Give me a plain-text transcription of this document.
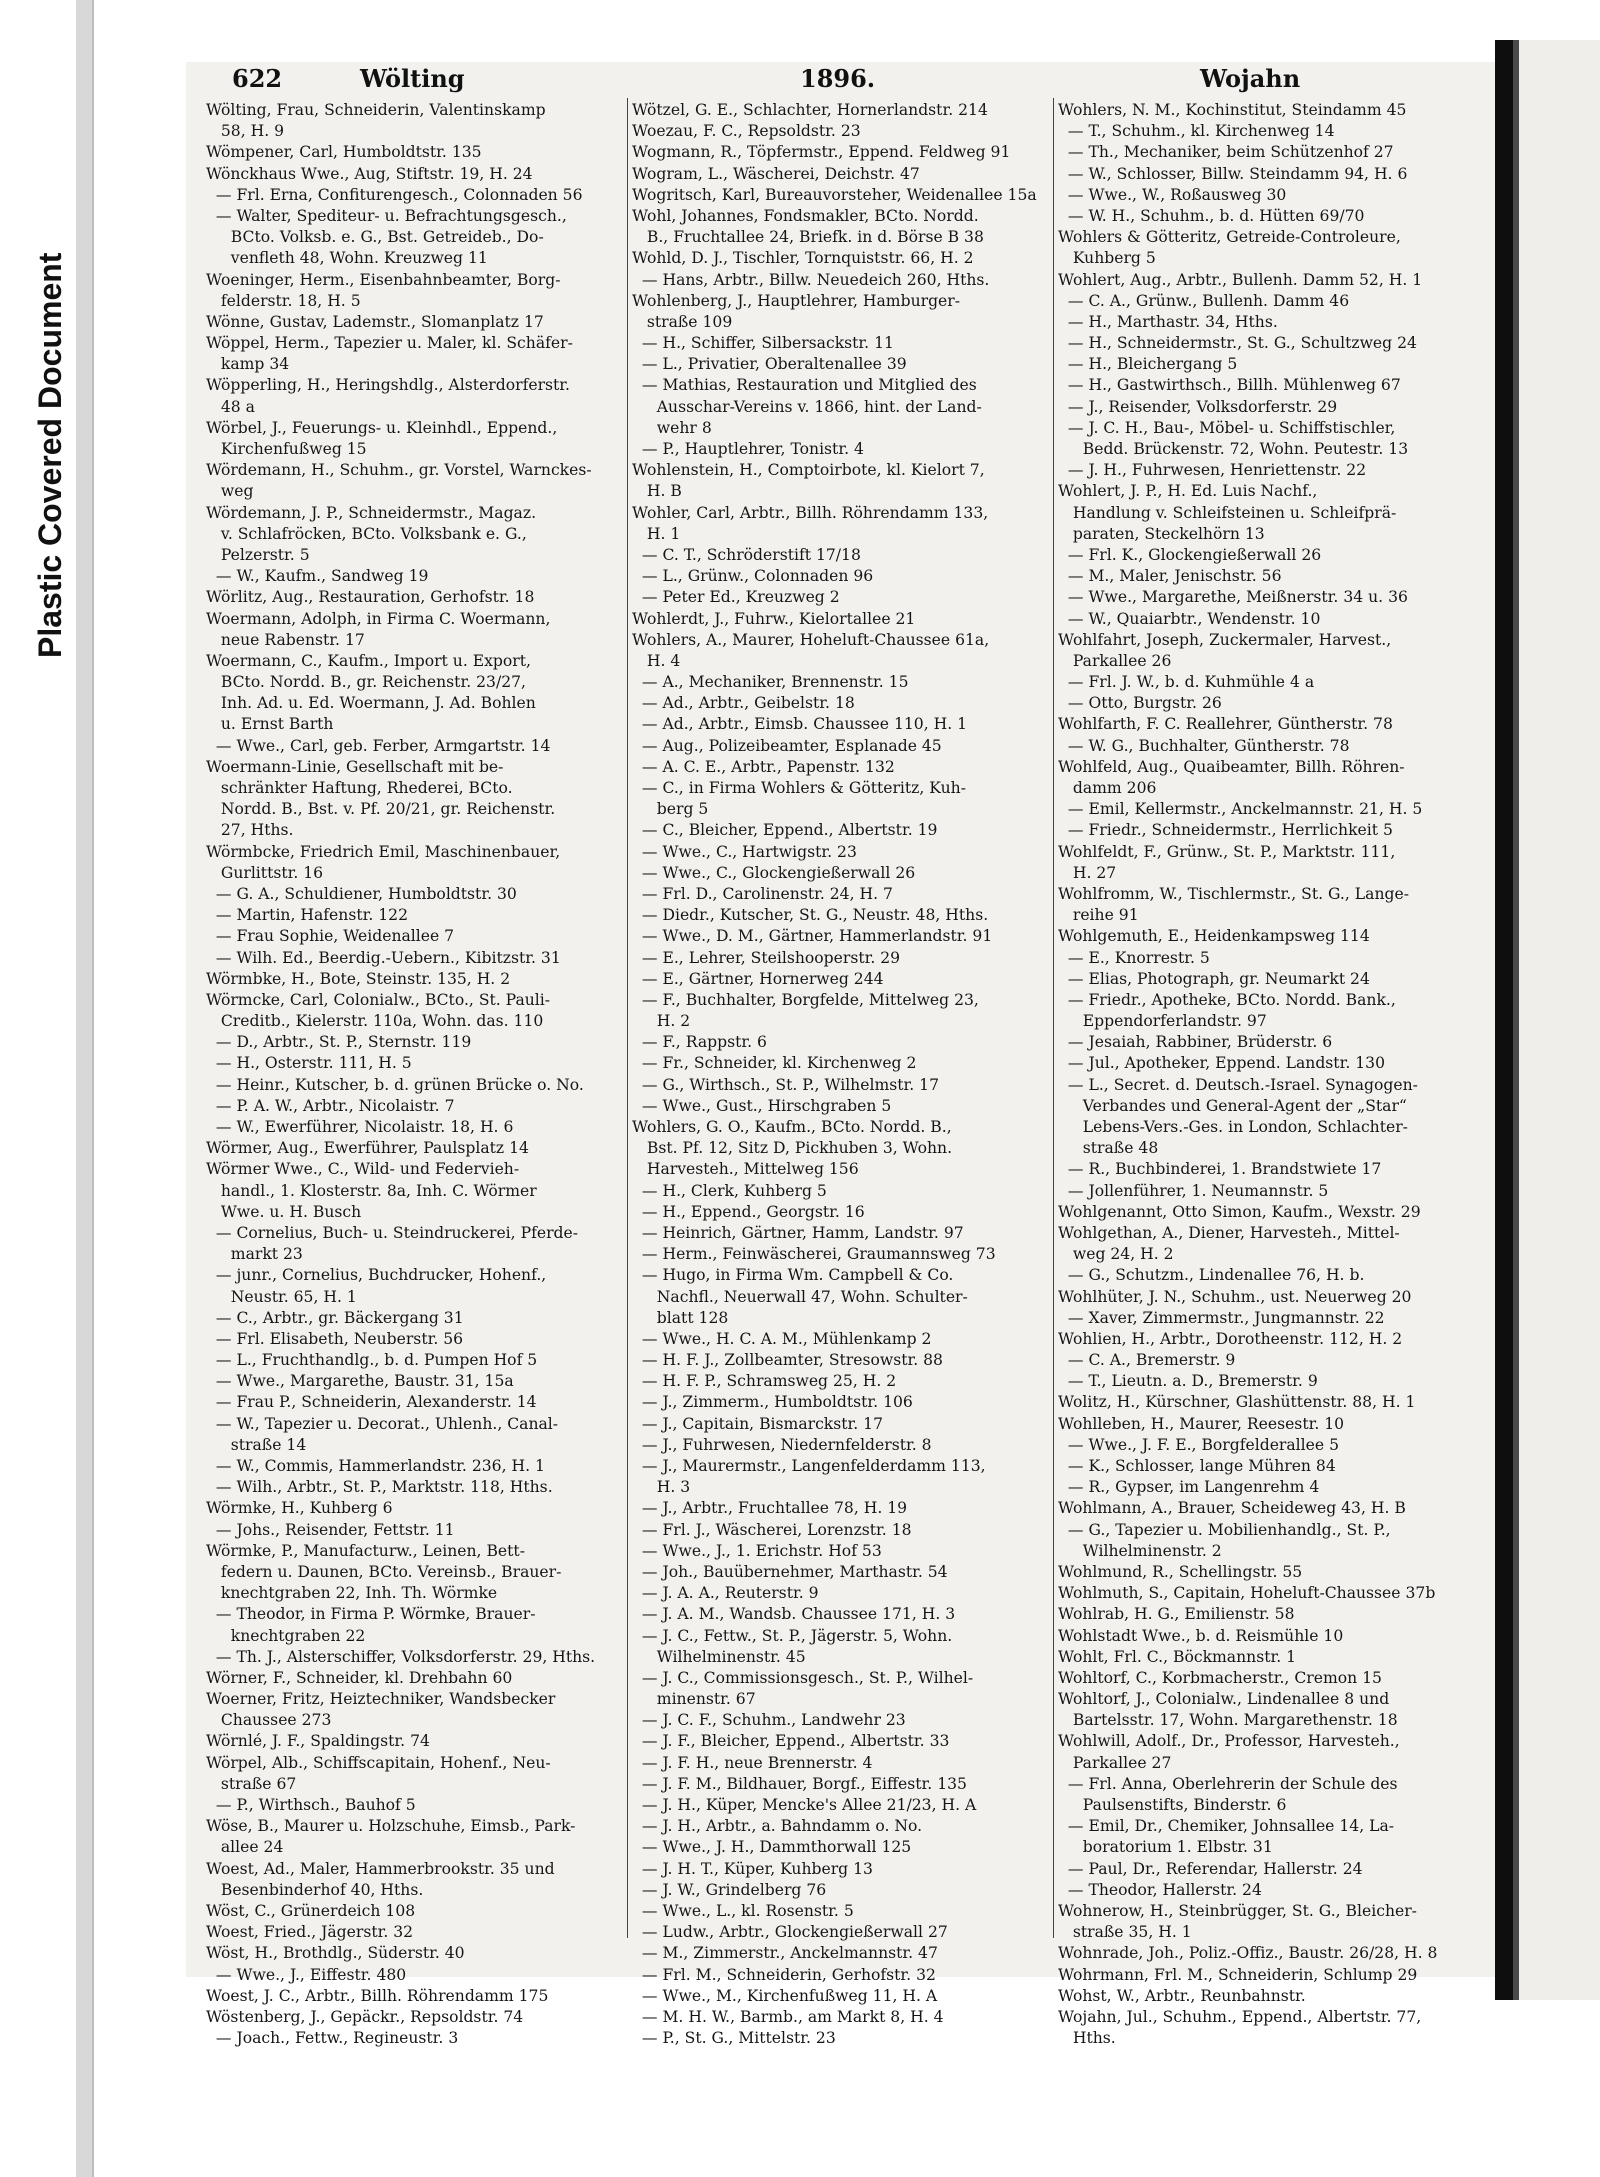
Plastic Covered Document
622	Wölting	1896.	Wojahn
Wölting, Frau, Schneiderin, Valentinskamp
58, H. 9
Wömpener, Carl, Humboldtstr. 135
Wönckhaus Wwe., Aug, Stiftstr. 19, H. 24
— Frl. Erna, Confiturengesch., Colonnaden 56
— Walter, Spediteur- u. Befrachtungsgesch.,
BCto. Volksb. e. G., Bst. Getreideb., Do-
venfleth 48, Wohn. Kreuzweg 11
Woeninger, Herm., Eisenbahnbeamter, Borg-
felderstr. 18, H. 5
Wönne, Gustav, Lademstr., Slomanplatz 17
Wöppel, Herm., Tapezier u. Maler, kl. Schäfer-
kamp 34
Wöpperling, H., Heringshdlg., Alsterdorferstr.
48 a
Wörbel, J., Feuerungs- u. Kleinhdl., Eppend.,
Kirchenfußweg 15
Wördemann, H., Schuhm., gr. Vorstel, Warnckes-
weg
Wördemann, J. P., Schneidermstr., Magaz.
v. Schlafröcken, BCto. Volksbank e. G.,
Pelzerstr. 5
— W., Kaufm., Sandweg 19
Wörlitz, Aug., Restauration, Gerhofstr. 18
Woermann, Adolph, in Firma C. Woermann,
neue Rabenstr. 17
Woermann, C., Kaufm., Import u. Export,
BCto. Nordd. B., gr. Reichenstr. 23/27,
Inh. Ad. u. Ed. Woermann, J. Ad. Bohlen
u. Ernst Barth
— Wwe., Carl, geb. Ferber, Armgartstr. 14
Woermann-Linie, Gesellschaft mit be-
schränkter Haftung, Rhederei, BCto.
Nordd. B., Bst. v. Pf. 20/21, gr. Reichenstr.
27, Hths.
Wörmbcke, Friedrich Emil, Maschinenbauer,
Gurlittstr. 16
— G. A., Schuldiener, Humboldtstr. 30
— Martin, Hafenstr. 122
— Frau Sophie, Weidenallee 7
— Wilh. Ed., Beerdig.-Uebern., Kibitzstr. 31
Wörmbke, H., Bote, Steinstr. 135, H. 2
Wörmcke, Carl, Colonialw., BCto., St. Pauli-
Creditb., Kielerstr. 110a, Wohn. das. 110
— D., Arbtr., St. P., Sternstr. 119
— H., Osterstr. 111, H. 5
— Heinr., Kutscher, b. d. grünen Brücke o. No.
— P. A. W., Arbtr., Nicolaistr. 7
— W., Ewerführer, Nicolaistr. 18, H. 6
Wörmer, Aug., Ewerführer, Paulsplatz 14
Wörmer Wwe., C., Wild- und Federvieh-
handl., 1. Klosterstr. 8a, Inh. C. Wörmer
Wwe. u. H. Busch
— Cornelius, Buch- u. Steindruckerei, Pferde-
markt 23
— junr., Cornelius, Buchdrucker, Hohenf.,
Neustr. 65, H. 1
— C., Arbtr., gr. Bäckergang 31
— Frl. Elisabeth, Neuberstr. 56
— L., Fruchthandlg., b. d. Pumpen Hof 5
— Wwe., Margarethe, Baustr. 31, 15a
— Frau P., Schneiderin, Alexanderstr. 14
— W., Tapezier u. Decorat., Uhlenh., Canal-
straße 14
— W., Commis, Hammerlandstr. 236, H. 1
— Wilh., Arbtr., St. P., Marktstr. 118, Hths.
Wörmke, H., Kuhberg 6
— Johs., Reisender, Fettstr. 11
Wörmke, P., Manufacturw., Leinen, Bett-
federn u. Daunen, BCto. Vereinsb., Brauer-
knechtgraben 22, Inh. Th. Wörmke
— Theodor, in Firma P. Wörmke, Brauer-
knechtgraben 22
— Th. J., Alsterschiffer, Volksdorferstr. 29, Hths.
Wörner, F., Schneider, kl. Drehbahn 60
Woerner, Fritz, Heiztechniker, Wandsbecker
Chaussee 273
Wörnlé, J. F., Spaldingstr. 74
Wörpel, Alb., Schiffscapitain, Hohenf., Neu-
straße 67
— P., Wirthsch., Bauhof 5
Wöse, B., Maurer u. Holzschuhe, Eimsb., Park-
allee 24
Woest, Ad., Maler, Hammerbrookstr. 35 und
Besenbinderhof 40, Hths.
Wöst, C., Grünerdeich 108
Woest, Fried., Jägerstr. 32
Wöst, H., Brothdlg., Süderstr. 40
— Wwe., J., Eiffestr. 480
Woest, J. C., Arbtr., Billh. Röhrendamm 175
Wöstenberg, J., Gepäckr., Repsoldstr. 74
— Joach., Fettw., Regineustr. 3
Wötzel, G. E., Schlachter, Hornerlandstr. 214
Woezau, F. C., Repsoldstr. 23
Wogmann, R., Töpfermstr., Eppend. Feldweg 91
Wogram, L., Wäscherei, Deichstr. 47
Wogritsch, Karl, Bureauvorsteher, Weidenallee 15a
Wohl, Johannes, Fondsmakler, BCto. Nordd.
B., Fruchtallee 24, Briefk. in d. Börse B 38
Wohld, D. J., Tischler, Tornquiststr. 66, H. 2
— Hans, Arbtr., Billw. Neuedeich 260, Hths.
Wohlenberg, J., Hauptlehrer, Hamburger-
straße 109
— H., Schiffer, Silbersackstr. 11
— L., Privatier, Oberaltenallee 39
— Mathias, Restauration und Mitglied des
Ausschar-Vereins v. 1866, hint. der Land-
wehr 8
— P., Hauptlehrer, Tonistr. 4
Wohlenstein, H., Comptoirbote, kl. Kielort 7,
H. B
Wohler, Carl, Arbtr., Billh. Röhrendamm 133,
H. 1
— C. T., Schröderstift 17/18
— L., Grünw., Colonnaden 96
— Peter Ed., Kreuzweg 2
Wohlerdt, J., Fuhrw., Kielortallee 21
Wohlers, A., Maurer, Hoheluft-Chaussee 61a,
H. 4
— A., Mechaniker, Brennenstr. 15
— Ad., Arbtr., Geibelstr. 18
— Ad., Arbtr., Eimsb. Chaussee 110, H. 1
— Aug., Polizeibeamter, Esplanade 45
— A. C. E., Arbtr., Papenstr. 132
— C., in Firma Wohlers & Götteritz, Kuh-
berg 5
— C., Bleicher, Eppend., Albertstr. 19
— Wwe., C., Hartwigstr. 23
— Wwe., C., Glockengießerwall 26
— Frl. D., Carolinenstr. 24, H. 7
— Diedr., Kutscher, St. G., Neustr. 48, Hths.
— Wwe., D. M., Gärtner, Hammerlandstr. 91
— E., Lehrer, Steilshooperstr. 29
— E., Gärtner, Hornerweg 244
— F., Buchhalter, Borgfelde, Mittelweg 23,
H. 2
— F., Rappstr. 6
— Fr., Schneider, kl. Kirchenweg 2
— G., Wirthsch., St. P., Wilhelmstr. 17
— Wwe., Gust., Hirschgraben 5
Wohlers, G. O., Kaufm., BCto. Nordd. B.,
Bst. Pf. 12, Sitz D, Pickhuben 3, Wohn.
Harvesteh., Mittelweg 156
— H., Clerk, Kuhberg 5
— H., Eppend., Georgstr. 16
— Heinrich, Gärtner, Hamm, Landstr. 97
— Herm., Feinwäscherei, Graumannsweg 73
— Hugo, in Firma Wm. Campbell & Co.
Nachfl., Neuerwall 47, Wohn. Schulter-
blatt 128
— Wwe., H. C. A. M., Mühlenkamp 2
— H. F. J., Zollbeamter, Stresowstr. 88
— H. F. P., Schramsweg 25, H. 2
— J., Zimmerm., Humboldtstr. 106
— J., Capitain, Bismarckstr. 17
— J., Fuhrwesen, Niedernfelderstr. 8
— J., Maurermstr., Langenfelderdamm 113,
H. 3
— J., Arbtr., Fruchtallee 78, H. 19
— Frl. J., Wäscherei, Lorenzstr. 18
— Wwe., J., 1. Erichstr. Hof 53
— Joh., Bauübernehmer, Marthastr. 54
— J. A. A., Reuterstr. 9
— J. A. M., Wandsb. Chaussee 171, H. 3
— J. C., Fettw., St. P., Jägerstr. 5, Wohn.
Wilhelminenstr. 45
— J. C., Commissionsgesch., St. P., Wilhel-
minenstr. 67
— J. C. F., Schuhm., Landwehr 23
— J. F., Bleicher, Eppend., Albertstr. 33
— J. F. H., neue Brennerstr. 4
— J. F. M., Bildhauer, Borgf., Eiffestr. 135
— J. H., Küper, Mencke's Allee 21/23, H. A
— J. H., Arbtr., a. Bahndamm o. No.
— Wwe., J. H., Dammthorwall 125
— J. H. T., Küper, Kuhberg 13
— J. W., Grindelberg 76
— Wwe., L., kl. Rosenstr. 5
— Ludw., Arbtr., Glockengießerwall 27
— M., Zimmerstr., Anckelmannstr. 47
— Frl. M., Schneiderin, Gerhofstr. 32
— Wwe., M., Kirchenfußweg 11, H. A
— M. H. W., Barmb., am Markt 8, H. 4
— P., St. G., Mittelstr. 23
Wohlers, N. M., Kochinstitut, Steindamm 45
— T., Schuhm., kl. Kirchenweg 14
— Th., Mechaniker, beim Schützenhof 27
— W., Schlosser, Billw. Steindamm 94, H. 6
— Wwe., W., Roßausweg 30
— W. H., Schuhm., b. d. Hütten 69/70
Wohlers & Götteritz, Getreide-Controleure,
Kuhberg 5
Wohlert, Aug., Arbtr., Bullenh. Damm 52, H. 1
— C. A., Grünw., Bullenh. Damm 46
— H., Marthastr. 34, Hths.
— H., Schneidermstr., St. G., Schultzweg 24
— H., Bleichergang 5
— H., Gastwirthsch., Billh. Mühlenweg 67
— J., Reisender, Volksdorferstr. 29
— J. C. H., Bau-, Möbel- u. Schiffstischler,
Bedd. Brückenstr. 72, Wohn. Peutestr. 13
— J. H., Fuhrwesen, Henriettenstr. 22
Wohlert, J. P., H. Ed. Luis Nachf.,
Handlung v. Schleifsteinen u. Schleifprä-
paraten, Steckelhörn 13
— Frl. K., Glockengießerwall 26
— M., Maler, Jenischstr. 56
— Wwe., Margarethe, Meißnerstr. 34 u. 36
— W., Quaiarbtr., Wendenstr. 10
Wohlfahrt, Joseph, Zuckermaler, Harvest.,
Parkallee 26
— Frl. J. W., b. d. Kuhmühle 4 a
— Otto, Burgstr. 26
Wohlfarth, F. C. Reallehrer, Güntherstr. 78
— W. G., Buchhalter, Güntherstr. 78
Wohlfeld, Aug., Quaibeamter, Billh. Röhren-
damm 206
— Emil, Kellermstr., Anckelmannstr. 21, H. 5
— Friedr., Schneidermstr., Herrlichkeit 5
Wohlfeldt, F., Grünw., St. P., Marktstr. 111,
H. 27
Wohlfromm, W., Tischlermstr., St. G., Lange-
reihe 91
Wohlgemuth, E., Heidenkampsweg 114
— E., Knorrestr. 5
— Elias, Photograph, gr. Neumarkt 24
— Friedr., Apotheke, BCto. Nordd. Bank.,
Eppendorferlandstr. 97
— Jesaiah, Rabbiner, Brüderstr. 6
— Jul., Apotheker, Eppend. Landstr. 130
— L., Secret. d. Deutsch.-Israel. Synagogen-
Verbandes und General-Agent der „Star“
Lebens-Vers.-Ges. in London, Schlachter-
straße 48
— R., Buchbinderei, 1. Brandstwiete 17
— Jollenführer, 1. Neumannstr. 5
Wohlgenannt, Otto Simon, Kaufm., Wexstr. 29
Wohlgethan, A., Diener, Harvesteh., Mittel-
weg 24, H. 2
— G., Schutzm., Lindenallee 76, H. b.
Wohlhüter, J. N., Schuhm., ust. Neuerweg 20
— Xaver, Zimmermstr., Jungmannstr. 22
Wohlien, H., Arbtr., Dorotheenstr. 112, H. 2
— C. A., Bremerstr. 9
— T., Lieutn. a. D., Bremerstr. 9
Wolitz, H., Kürschner, Glashüttenstr. 88, H. 1
Wohlleben, H., Maurer, Reesestr. 10
— Wwe., J. F. E., Borgfelderallee 5
— K., Schlosser, lange Mühren 84
— R., Gypser, im Langenrehm 4
Wohlmann, A., Brauer, Scheideweg 43, H. B
— G., Tapezier u. Mobilienhandlg., St. P.,
Wilhelminenstr. 2
Wohlmund, R., Schellingstr. 55
Wohlmuth, S., Capitain, Hoheluft-Chaussee 37b
Wohlrab, H. G., Emilienstr. 58
Wohlstadt Wwe., b. d. Reismühle 10
Wohlt, Frl. C., Böckmannstr. 1
Wohltorf, C., Korbmacherstr., Cremon 15
Wohltorf, J., Colonialw., Lindenallee 8 und
Bartelsstr. 17, Wohn. Margarethenstr. 18
Wohlwill, Adolf., Dr., Professor, Harvesteh.,
Parkallee 27
— Frl. Anna, Oberlehrerin der Schule des
Paulsenstifts, Binderstr. 6
— Emil, Dr., Chemiker, Johnsallee 14, La-
boratorium 1. Elbstr. 31
— Paul, Dr., Referendar, Hallerstr. 24
— Theodor, Hallerstr. 24
Wohnerow, H., Steinbrügger, St. G., Bleicher-
straße 35, H. 1
Wohnrade, Joh., Poliz.-Offiz., Baustr. 26/28, H. 8
Wohrmann, Frl. M., Schneiderin, Schlump 29
Wohst, W., Arbtr., Reunbahnstr.
Wojahn, Jul., Schuhm., Eppend., Albertstr. 77,
Hths.
